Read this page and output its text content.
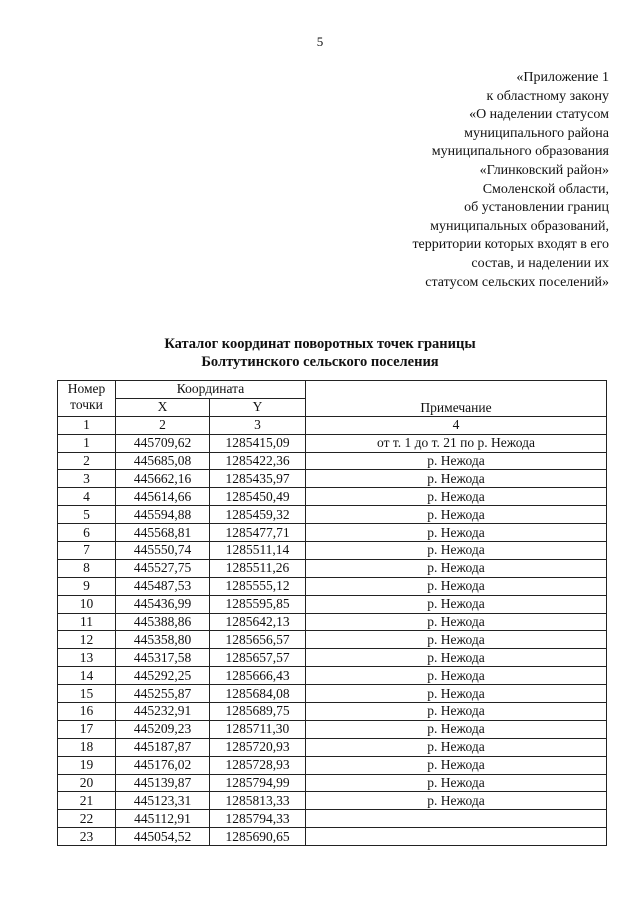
5
«Приложение 1
к областному закону
«О наделении статусом
муниципального района
муниципального образования
«Глинковский район»
Смоленской области,
об установлении границ
муниципальных образований,
территории которых входят в его
состав, и наделении их
статусом сельских поселений»
Каталог координат поворотных точек границы
Болтутинского сельского поселения
Номер
точки	Координата		Примечание
	X	Y	
1	2	3	4
1	445709,62	1285415,09	от т. 1 до т. 21 по р. Нежода
2	445685,08	1285422,36	р. Нежода
3	445662,16	1285435,97	р. Нежода
4	445614,66	1285450,49	р. Нежода
5	445594,88	1285459,32	р. Нежода
6	445568,81	1285477,71	р. Нежода
7	445550,74	1285511,14	р. Нежода
8	445527,75	1285511,26	р. Нежода
9	445487,53	1285555,12	р. Нежода
10	445436,99	1285595,85	р. Нежода
11	445388,86	1285642,13	р. Нежода
12	445358,80	1285656,57	р. Нежода
13	445317,58	1285657,57	р. Нежода
14	445292,25	1285666,43	р. Нежода
15	445255,87	1285684,08	р. Нежода
16	445232,91	1285689,75	р. Нежода
17	445209,23	1285711,30	р. Нежода
18	445187,87	1285720,93	р. Нежода
19	445176,02	1285728,93	р. Нежода
20	445139,87	1285794,99	р. Нежода
21	445123,31	1285813,33	р. Нежода
22	445112,91	1285794,33	
23	445054,52	1285690,65	
